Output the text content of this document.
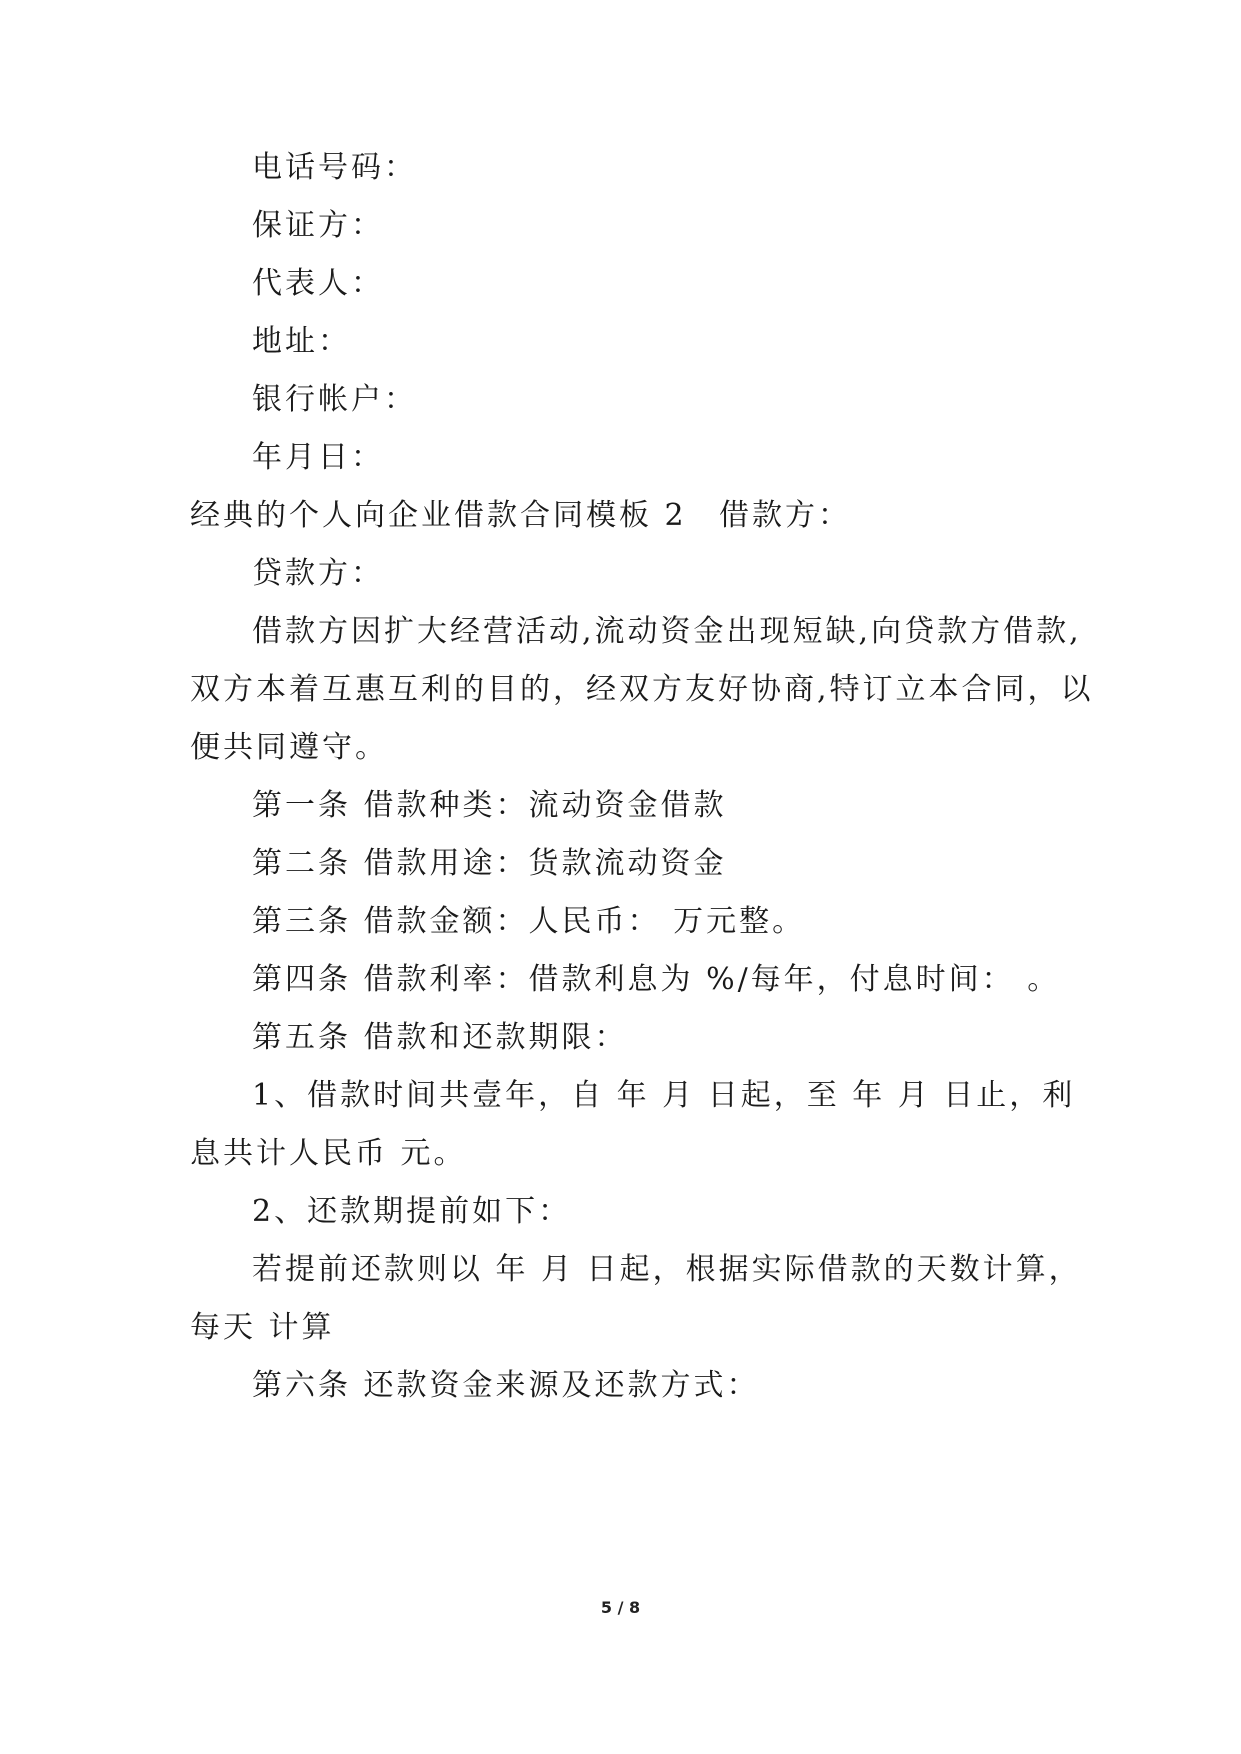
电话号码：
保证方：
代表人：
地址：
银行帐户：
年月日：
经典的个人向企业借款合同模板 2 借款方：
贷款方：
借款方因扩大经营活动,流动资金出现短缺,向贷款方借款,
双方本着互惠互利的目的，经双方友好协商,特订立本合同，以
便共同遵守。
第一条 借款种类：流动资金借款
第二条 借款用途：货款流动资金
第三条 借款金额：人民币： 万元整。
第四条 借款利率：借款利息为 %/每年，付息时间： 。
第五条 借款和还款期限：
1、借款时间共壹年，自 年 月 日起，至 年 月 日止，利
息共计人民币 元。
2、还款期提前如下：
若提前还款则以 年 月 日起，根据实际借款的天数计算，
每天 计算
第六条 还款资金来源及还款方式：
5 / 8
